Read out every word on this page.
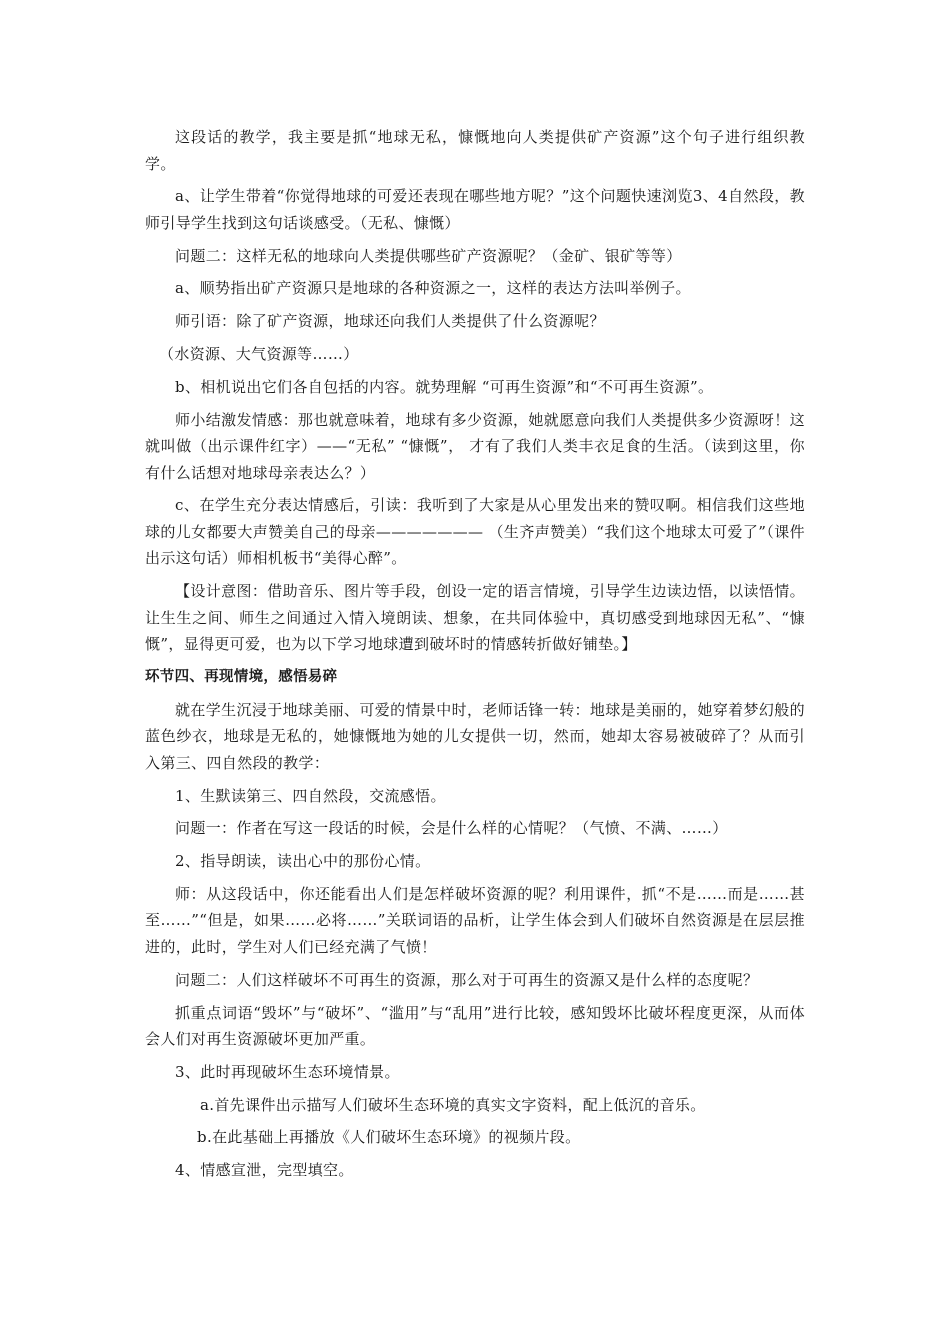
这段话的教学，我主要是抓“地球无私，慷慨地向人类提供矿产资源”这个句子进行组织教学。

a、让学生带着“你觉得地球的可爱还表现在哪些地方呢？”这个问题快速浏览3、4自然段，教师引导学生找到这句话谈感受。（无私、慷慨）

问题二：这样无私的地球向人类提供哪些矿产资源呢？（金矿、银矿等等）

a、顺势指出矿产资源只是地球的各种资源之一，这样的表达方法叫举例子。

师引语：除了矿产资源，地球还向我们人类提供了什么资源呢？

（水资源、大气资源等……）

b、相机说出它们各自包括的内容。就势理解 “可再生资源”和“不可再生资源”。

师小结激发情感：那也就意味着，地球有多少资源，她就愿意向我们人类提供多少资源呀！这就叫做（出示课件红字）——“无私” “慷慨”， 才有了我们人类丰衣足食的生活。（读到这里，你有什么话想对地球母亲表达么？）

c、在学生充分表达情感后，引读：我听到了大家是从心里发出来的赞叹啊。相信我们这些地球的儿女都要大声赞美自己的母亲——————— （生齐声赞美）“我们这个地球太可爱了”（课件出示这句话）师相机板书“美得心醉”。

【设计意图：借助音乐、图片等手段，创设一定的语言情境，引导学生边读边悟，以读悟情。让生生之间、师生之间通过入情入境朗读、想象，在共同体验中，真切感受到地球因无私”、“慷慨”，显得更可爱，也为以下学习地球遭到破坏时的情感转折做好铺垫。】

环节四、再现情境，感悟易碎

就在学生沉浸于地球美丽、可爱的情景中时，老师话锋一转：地球是美丽的，她穿着梦幻般的蓝色纱衣，地球是无私的，她慷慨地为她的儿女提供一切，然而，她却太容易被破碎了？从而引入第三、四自然段的教学：

1、生默读第三、四自然段，交流感悟。

问题一：作者在写这一段话的时候，会是什么样的心情呢？（气愤、不满、……）

2、指导朗读，读出心中的那份心情。

师：从这段话中，你还能看出人们是怎样破坏资源的呢？利用课件，抓“不是……而是……甚至……”“但是，如果……必将……”关联词语的品析，让学生体会到人们破坏自然资源是在层层推进的，此时，学生对人们已经充满了气愤！

问题二：人们这样破坏不可再生的资源，那么对于可再生的资源又是什么样的态度呢？

抓重点词语“毁坏”与“破坏”、“滥用”与“乱用”进行比较，感知毁坏比破坏程度更深，从而体会人们对再生资源破坏更加严重。

3、此时再现破坏生态环境情景。

a.首先课件出示描写人们破坏生态环境的真实文字资料，配上低沉的音乐。

b.在此基础上再播放《人们破坏生态环境》的视频片段。

4、情感宣泄，完型填空。
